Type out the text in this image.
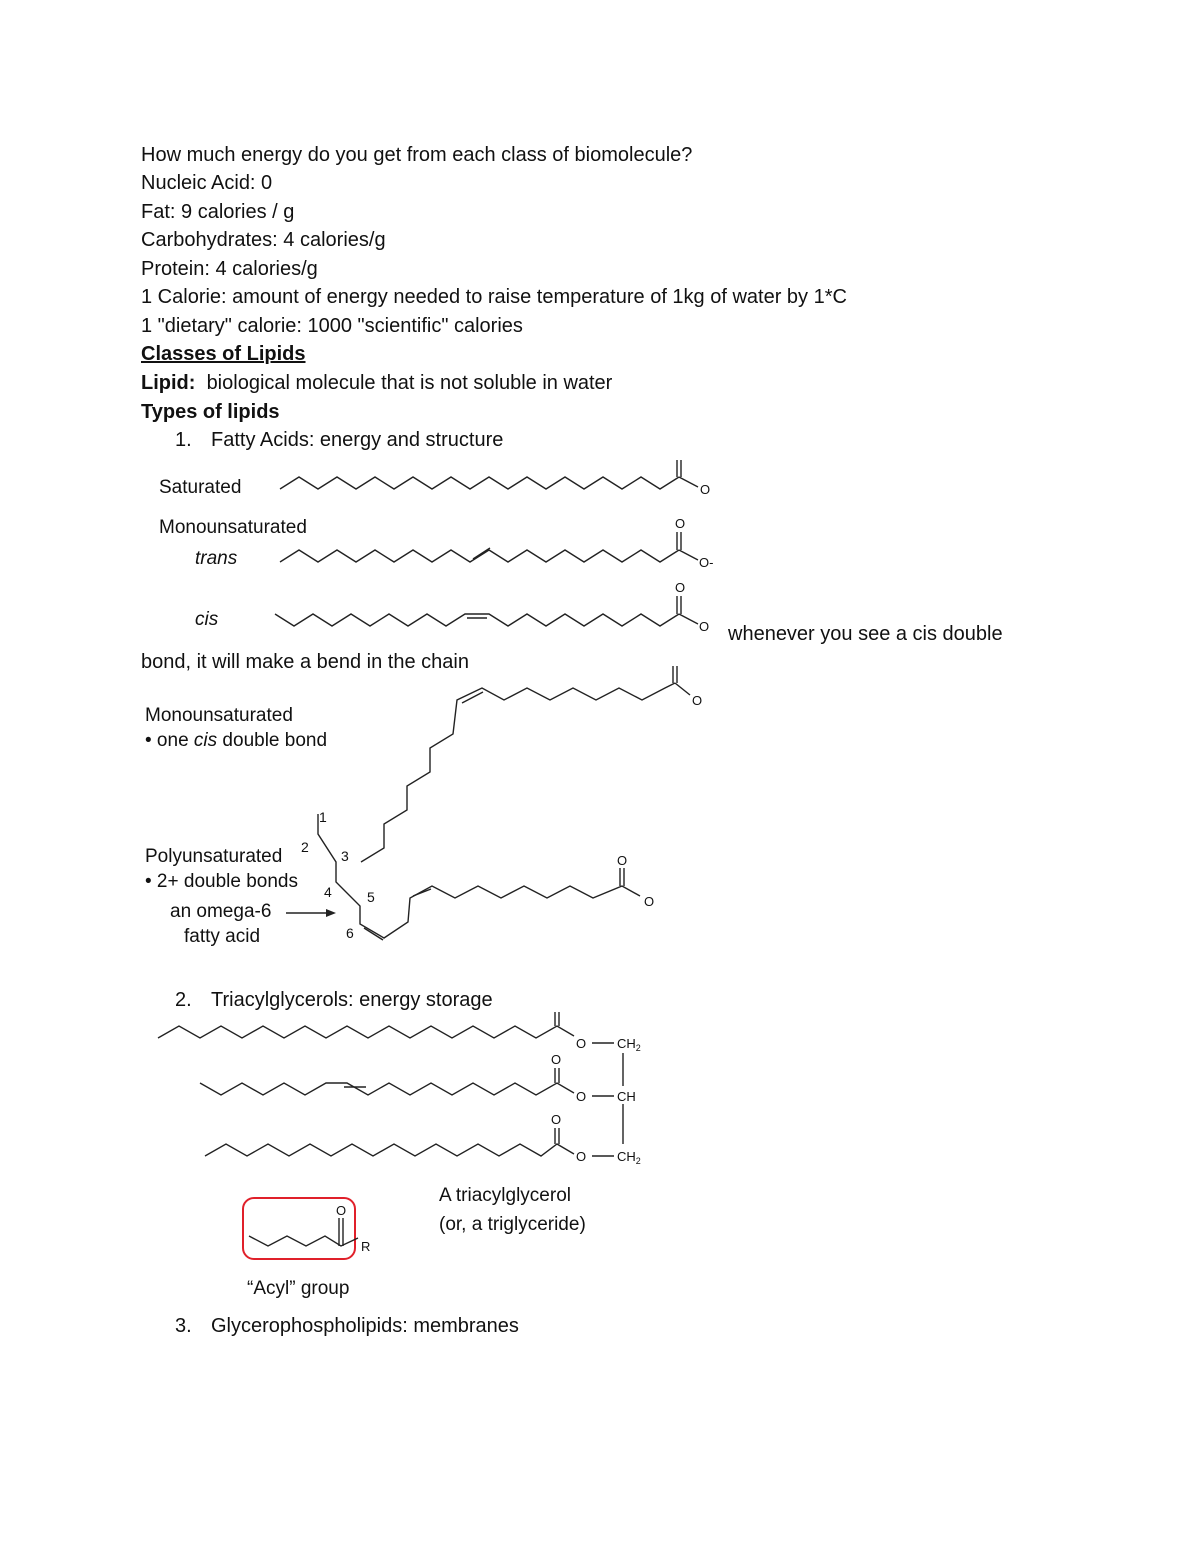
How much energy do you get from each class of biomolecule?
Nucleic Acid: 0
Fat: 9 calories / g
Carbohydrates: 4 calories/g
Protein: 4 calories/g
1 Calorie: amount of energy needed to raise temperature of 1kg of water by 1*C
1 "dietary" calorie: 1000 "scientific" calories
Classes of Lipids
Lipid: biological molecule that is not soluble in water
Types of lipids
1. Fatty Acids: energy and structure
whenever you see a cis double
bond, it will make a bend in the chain
2. Triacylglycerols: energy storage
3. Glycerophospholipids: membranes
Saturated
Monounsaturated
trans
cis
O
O
O-
O
O
Monounsaturated
• one cis double bond
Polyunsaturated
• 2+ double bonds
an omega-6
fatty acid
1
2
3
4	5
6
O
O
O
O
O
O
O
O
$CH_2$
CH
$CH_2$
A triacylglycerol
(or, a triglyceride)
O
R
“Acyl” group
